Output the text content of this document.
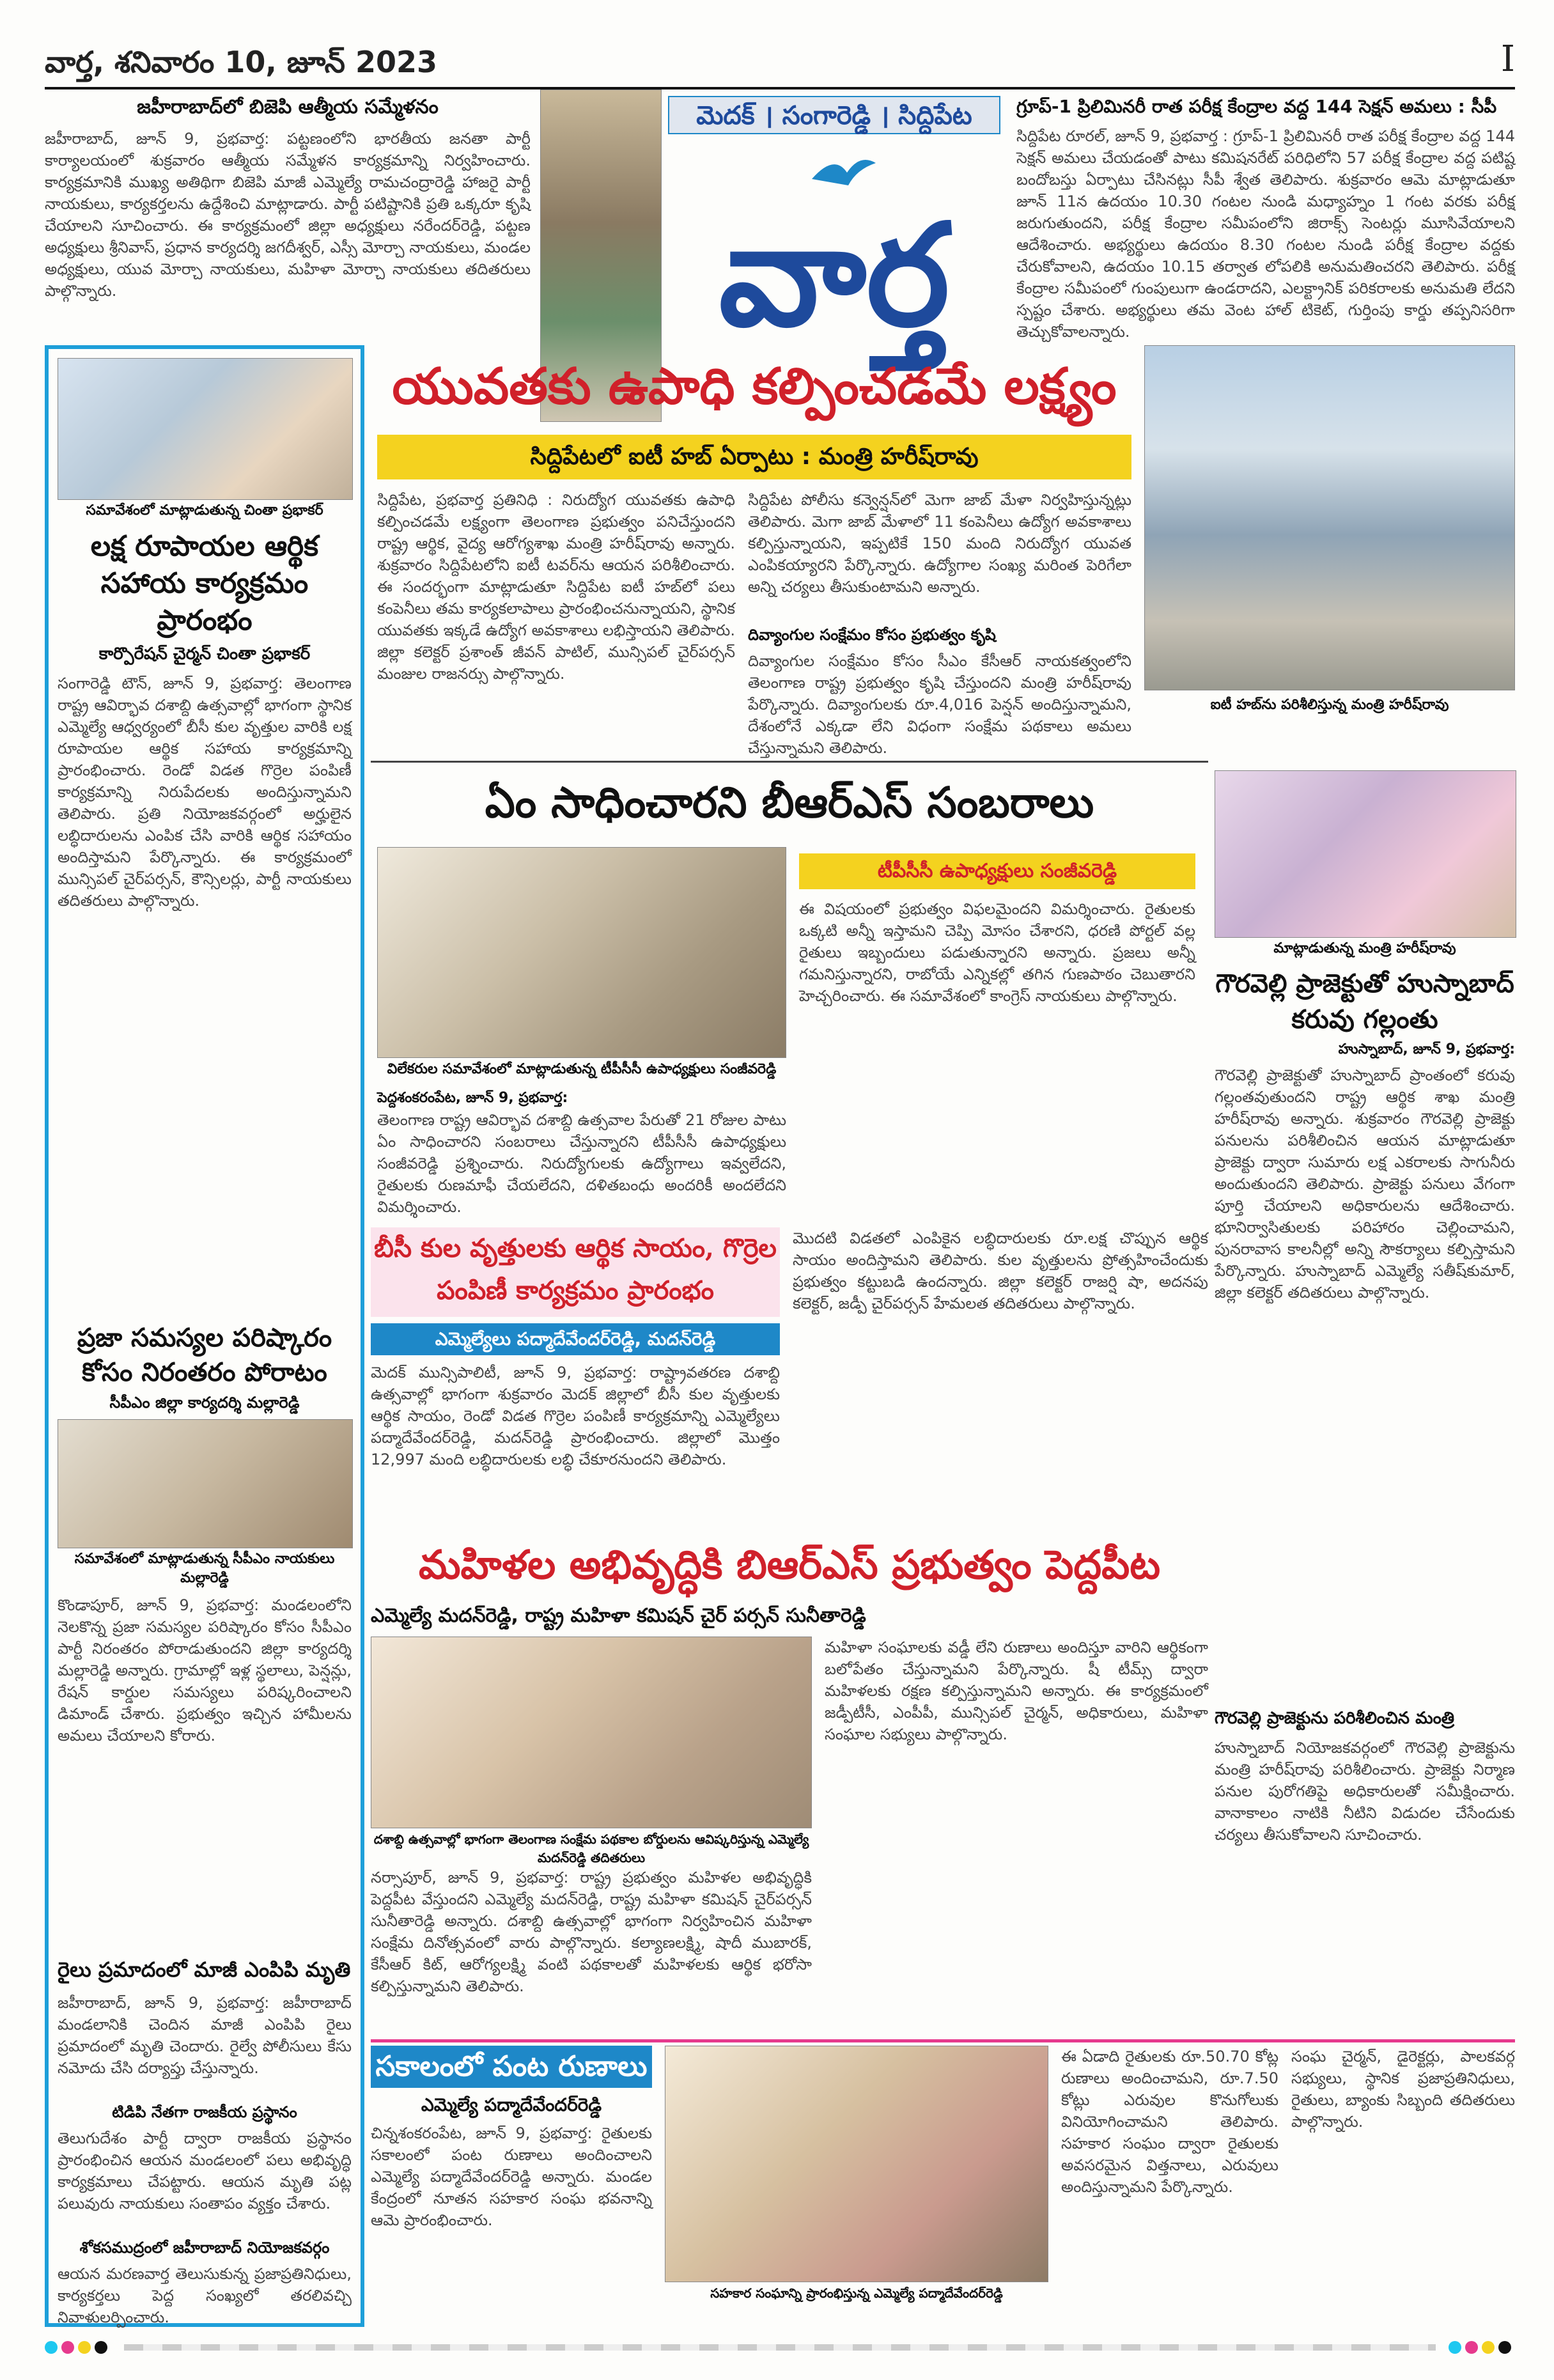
వార్త, శనివారం 10, జూన్ 2023	I
జహీరాబాద్‌లో బిజెపి ఆత్మీయ సమ్మేళనం
జహీరాబాద్, జూన్ 9, ప్రభవార్త: పట్టణంలోని భారతీయ జనతా పార్టీ కార్యాలయంలో శుక్రవారం ఆత్మీయ సమ్మేళన కార్యక్రమాన్ని నిర్వహించారు. కార్యక్రమానికి ముఖ్య అతిథిగా బిజెపి మాజీ ఎమ్మెల్యే రామచంద్రారెడ్డి హాజరై పార్టీ నాయకులు, కార్యకర్తలను ఉద్దేశించి మాట్లాడారు. పార్టీ పటిష్టానికి ప్రతి ఒక్కరూ కృషి చేయాలని సూచించారు. ఈ కార్యక్రమంలో జిల్లా అధ్యక్షులు నరేందర్‌రెడ్డి, పట్టణ అధ్యక్షులు శ్రీనివాస్, ప్రధాన కార్యదర్శి జగదీశ్వర్, ఎస్సీ మోర్చా నాయకులు, మండల అధ్యక్షులు, యువ మోర్చా నాయకులు, మహిళా మోర్చా నాయకులు తదితరులు పాల్గొన్నారు.
మెదక్ । సంగారెడ్డి । సిద్దిపేట
వార్త
గ్రూప్-1 ప్రిలిమినరీ రాత పరీక్ష కేంద్రాల వద్ద 144 సెక్షన్ అమలు : సీపీ
సిద్దిపేట రూరల్, జూన్ 9, ప్రభవార్త : గ్రూప్-1 ప్రిలిమినరీ రాత పరీక్ష కేంద్రాల వద్ద 144 సెక్షన్ అమలు చేయడంతో పాటు కమిషనరేట్ పరిధిలోని 57 పరీక్ష కేంద్రాల వద్ద పటిష్ట బందోబస్తు ఏర్పాటు చేసినట్లు సీపీ శ్వేత తెలిపారు. శుక్రవారం ఆమె మాట్లాడుతూ జూన్ 11న ఉదయం 10.30 గంటల నుండి మధ్యాహ్నం 1 గంట వరకు పరీక్ష జరుగుతుందని, పరీక్ష కేంద్రాల సమీపంలోని జిరాక్స్ సెంటర్లు మూసివేయాలని ఆదేశించారు. అభ్యర్థులు ఉదయం 8.30 గంటల నుండి పరీక్ష కేంద్రాల వద్దకు చేరుకోవాలని, ఉదయం 10.15 తర్వాత లోపలికి అనుమతించరని తెలిపారు. పరీక్ష కేంద్రాల సమీపంలో గుంపులుగా ఉండరాదని, ఎలక్ట్రానిక్ పరికరాలకు అనుమతి లేదని స్పష్టం చేశారు. అభ్యర్థులు తమ వెంట హాల్ టికెట్, గుర్తింపు కార్డు తప్పనిసరిగా తెచ్చుకోవాలన్నారు.
సమావేశంలో మాట్లాడుతున్న చింతా ప్రభాకర్
లక్ష రూపాయల ఆర్థిక సహాయ కార్యక్రమం ప్రారంభం
కార్పొరేషన్ చైర్మన్ చింతా ప్రభాకర్
సంగారెడ్డి టౌన్, జూన్ 9, ప్రభవార్త: తెలంగాణ రాష్ట్ర ఆవిర్భావ దశాబ్ది ఉత్సవాల్లో భాగంగా స్థానిక ఎమ్మెల్యే ఆధ్వర్యంలో బీసీ కుల వృత్తుల వారికి లక్ష రూపాయల ఆర్థిక సహాయ కార్యక్రమాన్ని ప్రారంభించారు. రెండో విడత గొర్రెల పంపిణీ కార్యక్రమాన్ని నిరుపేదలకు అందిస్తున్నామని తెలిపారు. ప్రతి నియోజకవర్గంలో అర్హులైన లబ్ధిదారులను ఎంపిక చేసి వారికి ఆర్థిక సహాయం అందిస్తామని పేర్కొన్నారు. ఈ కార్యక్రమంలో మున్సిపల్ చైర్‌పర్సన్, కౌన్సిలర్లు, పార్టీ నాయకులు తదితరులు పాల్గొన్నారు.
ప్రజా సమస్యల పరిష్కారం కోసం నిరంతరం పోరాటం
సీపీఎం జిల్లా కార్యదర్శి మల్లారెడ్డి
సమావేశంలో మాట్లాడుతున్న సీపీఎం నాయకులు మల్లారెడ్డి
కొండాపూర్, జూన్ 9, ప్రభవార్త: మండలంలోని నెలకొన్న ప్రజా సమస్యల పరిష్కారం కోసం సీపీఎం పార్టీ నిరంతరం పోరాడుతుందని జిల్లా కార్యదర్శి మల్లారెడ్డి అన్నారు. గ్రామాల్లో ఇళ్ల స్థలాలు, పెన్షన్లు, రేషన్ కార్డుల సమస్యలు పరిష్కరించాలని డిమాండ్ చేశారు. ప్రభుత్వం ఇచ్చిన హామీలను అమలు చేయాలని కోరారు.
రైలు ప్రమాదంలో మాజీ ఎంపిపి మృతి
జహీరాబాద్, జూన్ 9, ప్రభవార్త: జహీరాబాద్ మండలానికి చెందిన మాజీ ఎంపిపి రైలు ప్రమాదంలో మృతి చెందారు. రైల్వే పోలీసులు కేసు నమోదు చేసి దర్యాప్తు చేస్తున్నారు.
టిడిపి నేతగా రాజకీయ ప్రస్థానం
తెలుగుదేశం పార్టీ ద్వారా రాజకీయ ప్రస్థానం ప్రారంభించిన ఆయన మండలంలో పలు అభివృద్ధి కార్యక్రమాలు చేపట్టారు. ఆయన మృతి పట్ల పలువురు నాయకులు సంతాపం వ్యక్తం చేశారు.
శోకసముద్రంలో జహీరాబాద్ నియోజకవర్గం
ఆయన మరణవార్త తెలుసుకున్న ప్రజాప్రతినిధులు, కార్యకర్తలు పెద్ద సంఖ్యలో తరలివచ్చి నివాళులర్పించారు.
యువతకు ఉపాధి కల్పించడమే లక్ష్యం
సిద్దిపేటలో ఐటీ హబ్ ఏర్పాటు : మంత్రి హరీష్‌రావు
సిద్దిపేట, ప్రభవార్త ప్రతినిధి : నిరుద్యోగ యువతకు ఉపాధి కల్పించడమే లక్ష్యంగా తెలంగాణ ప్రభుత్వం పనిచేస్తుందని రాష్ట్ర ఆర్థిక, వైద్య ఆరోగ్యశాఖ మంత్రి హరీష్‌రావు అన్నారు. శుక్రవారం సిద్దిపేటలోని ఐటీ టవర్‌ను ఆయన పరిశీలించారు. ఈ సందర్భంగా మాట్లాడుతూ సిద్దిపేట ఐటీ హబ్‌లో పలు కంపెనీలు తమ కార్యకలాపాలు ప్రారంభించనున్నాయని, స్థానిక యువతకు ఇక్కడే ఉద్యోగ అవకాశాలు లభిస్తాయని తెలిపారు. జిల్లా కలెక్టర్ ప్రశాంత్ జీవన్ పాటిల్, మున్సిపల్ చైర్‌పర్సన్ మంజుల రాజనర్సు పాల్గొన్నారు.
సిద్దిపేట పోలీసు కన్వెన్షన్‌లో మెగా జాబ్ మేళా నిర్వహిస్తున్నట్లు తెలిపారు. మెగా జాబ్ మేళాలో 11 కంపెనీలు ఉద్యోగ అవకాశాలు కల్పిస్తున్నాయని, ఇప్పటికే 150 మంది నిరుద్యోగ యువత ఎంపికయ్యారని పేర్కొన్నారు. ఉద్యోగాల సంఖ్య మరింత పెరిగేలా అన్ని చర్యలు తీసుకుంటామని అన్నారు.
దివ్యాంగుల సంక్షేమం కోసం ప్రభుత్వం కృషి
దివ్యాంగుల సంక్షేమం కోసం సీఎం కేసీఆర్ నాయకత్వంలోని తెలంగాణ రాష్ట్ర ప్రభుత్వం కృషి చేస్తుందని మంత్రి హరీష్‌రావు పేర్కొన్నారు. దివ్యాంగులకు రూ.4,016 పెన్షన్ అందిస్తున్నామని, దేశంలోనే ఎక్కడా లేని విధంగా సంక్షేమ పథకాలు అమలు చేస్తున్నామని తెలిపారు.
ఐటీ హబ్‌ను పరిశీలిస్తున్న మంత్రి హరీష్‌రావు
ఏం సాధించారని బీఆర్ఎస్ సంబరాలు
విలేకరుల సమావేశంలో మాట్లాడుతున్న టీపీసీసీ ఉపాధ్యక్షులు సంజీవరెడ్డి
పెద్దశంకరంపేట, జూన్ 9, ప్రభవార్త:
తెలంగాణ రాష్ట్ర ఆవిర్భావ దశాబ్ది ఉత్సవాల పేరుతో 21 రోజుల పాటు ఏం సాధించారని సంబరాలు చేస్తున్నారని టీపీసీసీ ఉపాధ్యక్షులు సంజీవరెడ్డి ప్రశ్నించారు. నిరుద్యోగులకు ఉద్యోగాలు ఇవ్వలేదని, రైతులకు రుణమాఫీ చేయలేదని, దళితబంధు అందరికీ అందలేదని విమర్శించారు.
టీపీసీసీ ఉపాధ్యక్షులు సంజీవరెడ్డి
ఈ విషయంలో ప్రభుత్వం విఫలమైందని విమర్శించారు. రైతులకు ఒక్కటి అన్నీ ఇస్తామని చెప్పి మోసం చేశారని, ధరణి పోర్టల్ వల్ల రైతులు ఇబ్బందులు పడుతున్నారని అన్నారు. ప్రజలు అన్నీ గమనిస్తున్నారని, రాబోయే ఎన్నికల్లో తగిన గుణపాఠం చెబుతారని హెచ్చరించారు. ఈ సమావేశంలో కాంగ్రెస్ నాయకులు పాల్గొన్నారు.
మాట్లాడుతున్న మంత్రి హరీష్‌రావు
గౌరవెల్లి ప్రాజెక్టుతో హుస్నాబాద్ కరువు గల్లంతు
హుస్నాబాద్, జూన్ 9, ప్రభవార్త:
గౌరవెల్లి ప్రాజెక్టుతో హుస్నాబాద్ ప్రాంతంలో కరువు గల్లంతవుతుందని రాష్ట్ర ఆర్థిక శాఖ మంత్రి హరీష్‌రావు అన్నారు. శుక్రవారం గౌరవెల్లి ప్రాజెక్టు పనులను పరిశీలించిన ఆయన మాట్లాడుతూ ప్రాజెక్టు ద్వారా సుమారు లక్ష ఎకరాలకు సాగునీరు అందుతుందని తెలిపారు. ప్రాజెక్టు పనులు వేగంగా పూర్తి చేయాలని అధికారులను ఆదేశించారు. భూనిర్వాసితులకు పరిహారం చెల్లించామని, పునరావాస కాలనీల్లో అన్ని సౌకర్యాలు కల్పిస్తామని పేర్కొన్నారు. హుస్నాబాద్ ఎమ్మెల్యే సతీష్‌కుమార్, జిల్లా కలెక్టర్ తదితరులు పాల్గొన్నారు.
గౌరవెల్లి ప్రాజెక్టును పరిశీలించిన మంత్రి
హుస్నాబాద్ నియోజకవర్గంలో గౌరవెల్లి ప్రాజెక్టును మంత్రి హరీష్‌రావు పరిశీలించారు. ప్రాజెక్టు నిర్మాణ పనుల పురోగతిపై అధికారులతో సమీక్షించారు. వానాకాలం నాటికి నీటిని విడుదల చేసేందుకు చర్యలు తీసుకోవాలని సూచించారు.
బీసీ కుల వృత్తులకు ఆర్థిక సాయం, గొర్రెల పంపిణీ కార్యక్రమం ప్రారంభం
ఎమ్మెల్యేలు పద్మాదేవేందర్‌రెడ్డి, మదన్‌రెడ్డి
మెదక్ మున్సిపాలిటీ, జూన్ 9, ప్రభవార్త: రాష్ట్రావతరణ దశాబ్ది ఉత్సవాల్లో భాగంగా శుక్రవారం మెదక్ జిల్లాలో బీసీ కుల వృత్తులకు ఆర్థిక సాయం, రెండో విడత గొర్రెల పంపిణీ కార్యక్రమాన్ని ఎమ్మెల్యేలు పద్మాదేవేందర్‌రెడ్డి, మదన్‌రెడ్డి ప్రారంభించారు. జిల్లాలో మొత్తం 12,997 మంది లబ్ధిదారులకు లబ్ధి చేకూరనుందని తెలిపారు.
మొదటి విడతలో ఎంపికైన లబ్ధిదారులకు రూ.లక్ష చొప్పున ఆర్థిక సాయం అందిస్తామని తెలిపారు. కుల వృత్తులను ప్రోత్సహించేందుకు ప్రభుత్వం కట్టుబడి ఉందన్నారు. జిల్లా కలెక్టర్ రాజర్షి షా, అదనపు కలెక్టర్, జడ్పీ చైర్‌పర్సన్ హేమలత తదితరులు పాల్గొన్నారు.
మహిళల అభివృద్ధికి బిఆర్ఎస్ ప్రభుత్వం పెద్దపీట
ఎమ్మెల్యే మదన్‌రెడ్డి, రాష్ట్ర మహిళా కమిషన్ చైర్ పర్సన్ సునీతారెడ్డి
దశాబ్ది ఉత్సవాల్లో భాగంగా తెలంగాణ సంక్షేమ పథకాల బోర్డులను ఆవిష్కరిస్తున్న ఎమ్మెల్యే మదన్‌రెడ్డి తదితరులు
నర్సాపూర్, జూన్ 9, ప్రభవార్త: రాష్ట్ర ప్రభుత్వం మహిళల అభివృద్ధికి పెద్దపీట వేస్తుందని ఎమ్మెల్యే మదన్‌రెడ్డి, రాష్ట్ర మహిళా కమిషన్ చైర్‌పర్సన్ సునీతారెడ్డి అన్నారు. దశాబ్ది ఉత్సవాల్లో భాగంగా నిర్వహించిన మహిళా సంక్షేమ దినోత్సవంలో వారు పాల్గొన్నారు. కల్యాణలక్ష్మి, షాదీ ముబారక్, కేసీఆర్ కిట్, ఆరోగ్యలక్ష్మి వంటి పథకాలతో మహిళలకు ఆర్థిక భరోసా కల్పిస్తున్నామని తెలిపారు.
మహిళా సంఘాలకు వడ్డీ లేని రుణాలు అందిస్తూ వారిని ఆర్థికంగా బలోపేతం చేస్తున్నామని పేర్కొన్నారు. షీ టీమ్స్ ద్వారా మహిళలకు రక్షణ కల్పిస్తున్నామని అన్నారు. ఈ కార్యక్రమంలో జడ్పీటీసీ, ఎంపీపీ, మున్సిపల్ చైర్మన్, అధికారులు, మహిళా సంఘాల సభ్యులు పాల్గొన్నారు.
సకాలంలో పంట రుణాలు
ఎమ్మెల్యే పద్మాదేవేందర్‌రెడ్డి
చిన్నశంకరంపేట, జూన్ 9, ప్రభవార్త: రైతులకు సకాలంలో పంట రుణాలు అందించాలని ఎమ్మెల్యే పద్మాదేవేందర్‌రెడ్డి అన్నారు. మండల కేంద్రంలో నూతన సహకార సంఘ భవనాన్ని ఆమె ప్రారంభించారు.
సహకార సంఘాన్ని ప్రారంభిస్తున్న ఎమ్మెల్యే పద్మాదేవేందర్‌రెడ్డి
ఈ ఏడాది రైతులకు రూ.50.70 కోట్ల రుణాలు అందించామని, రూ.7.50 కోట్లు ఎరువుల కొనుగోలుకు వినియోగించామని తెలిపారు. సహకార సంఘం ద్వారా రైతులకు అవసరమైన విత్తనాలు, ఎరువులు అందిస్తున్నామని పేర్కొన్నారు.
సంఘ చైర్మన్, డైరెక్టర్లు, పాలకవర్గ సభ్యులు, స్థానిక ప్రజాప్రతినిధులు, రైతులు, బ్యాంకు సిబ్బంది తదితరులు పాల్గొన్నారు.
